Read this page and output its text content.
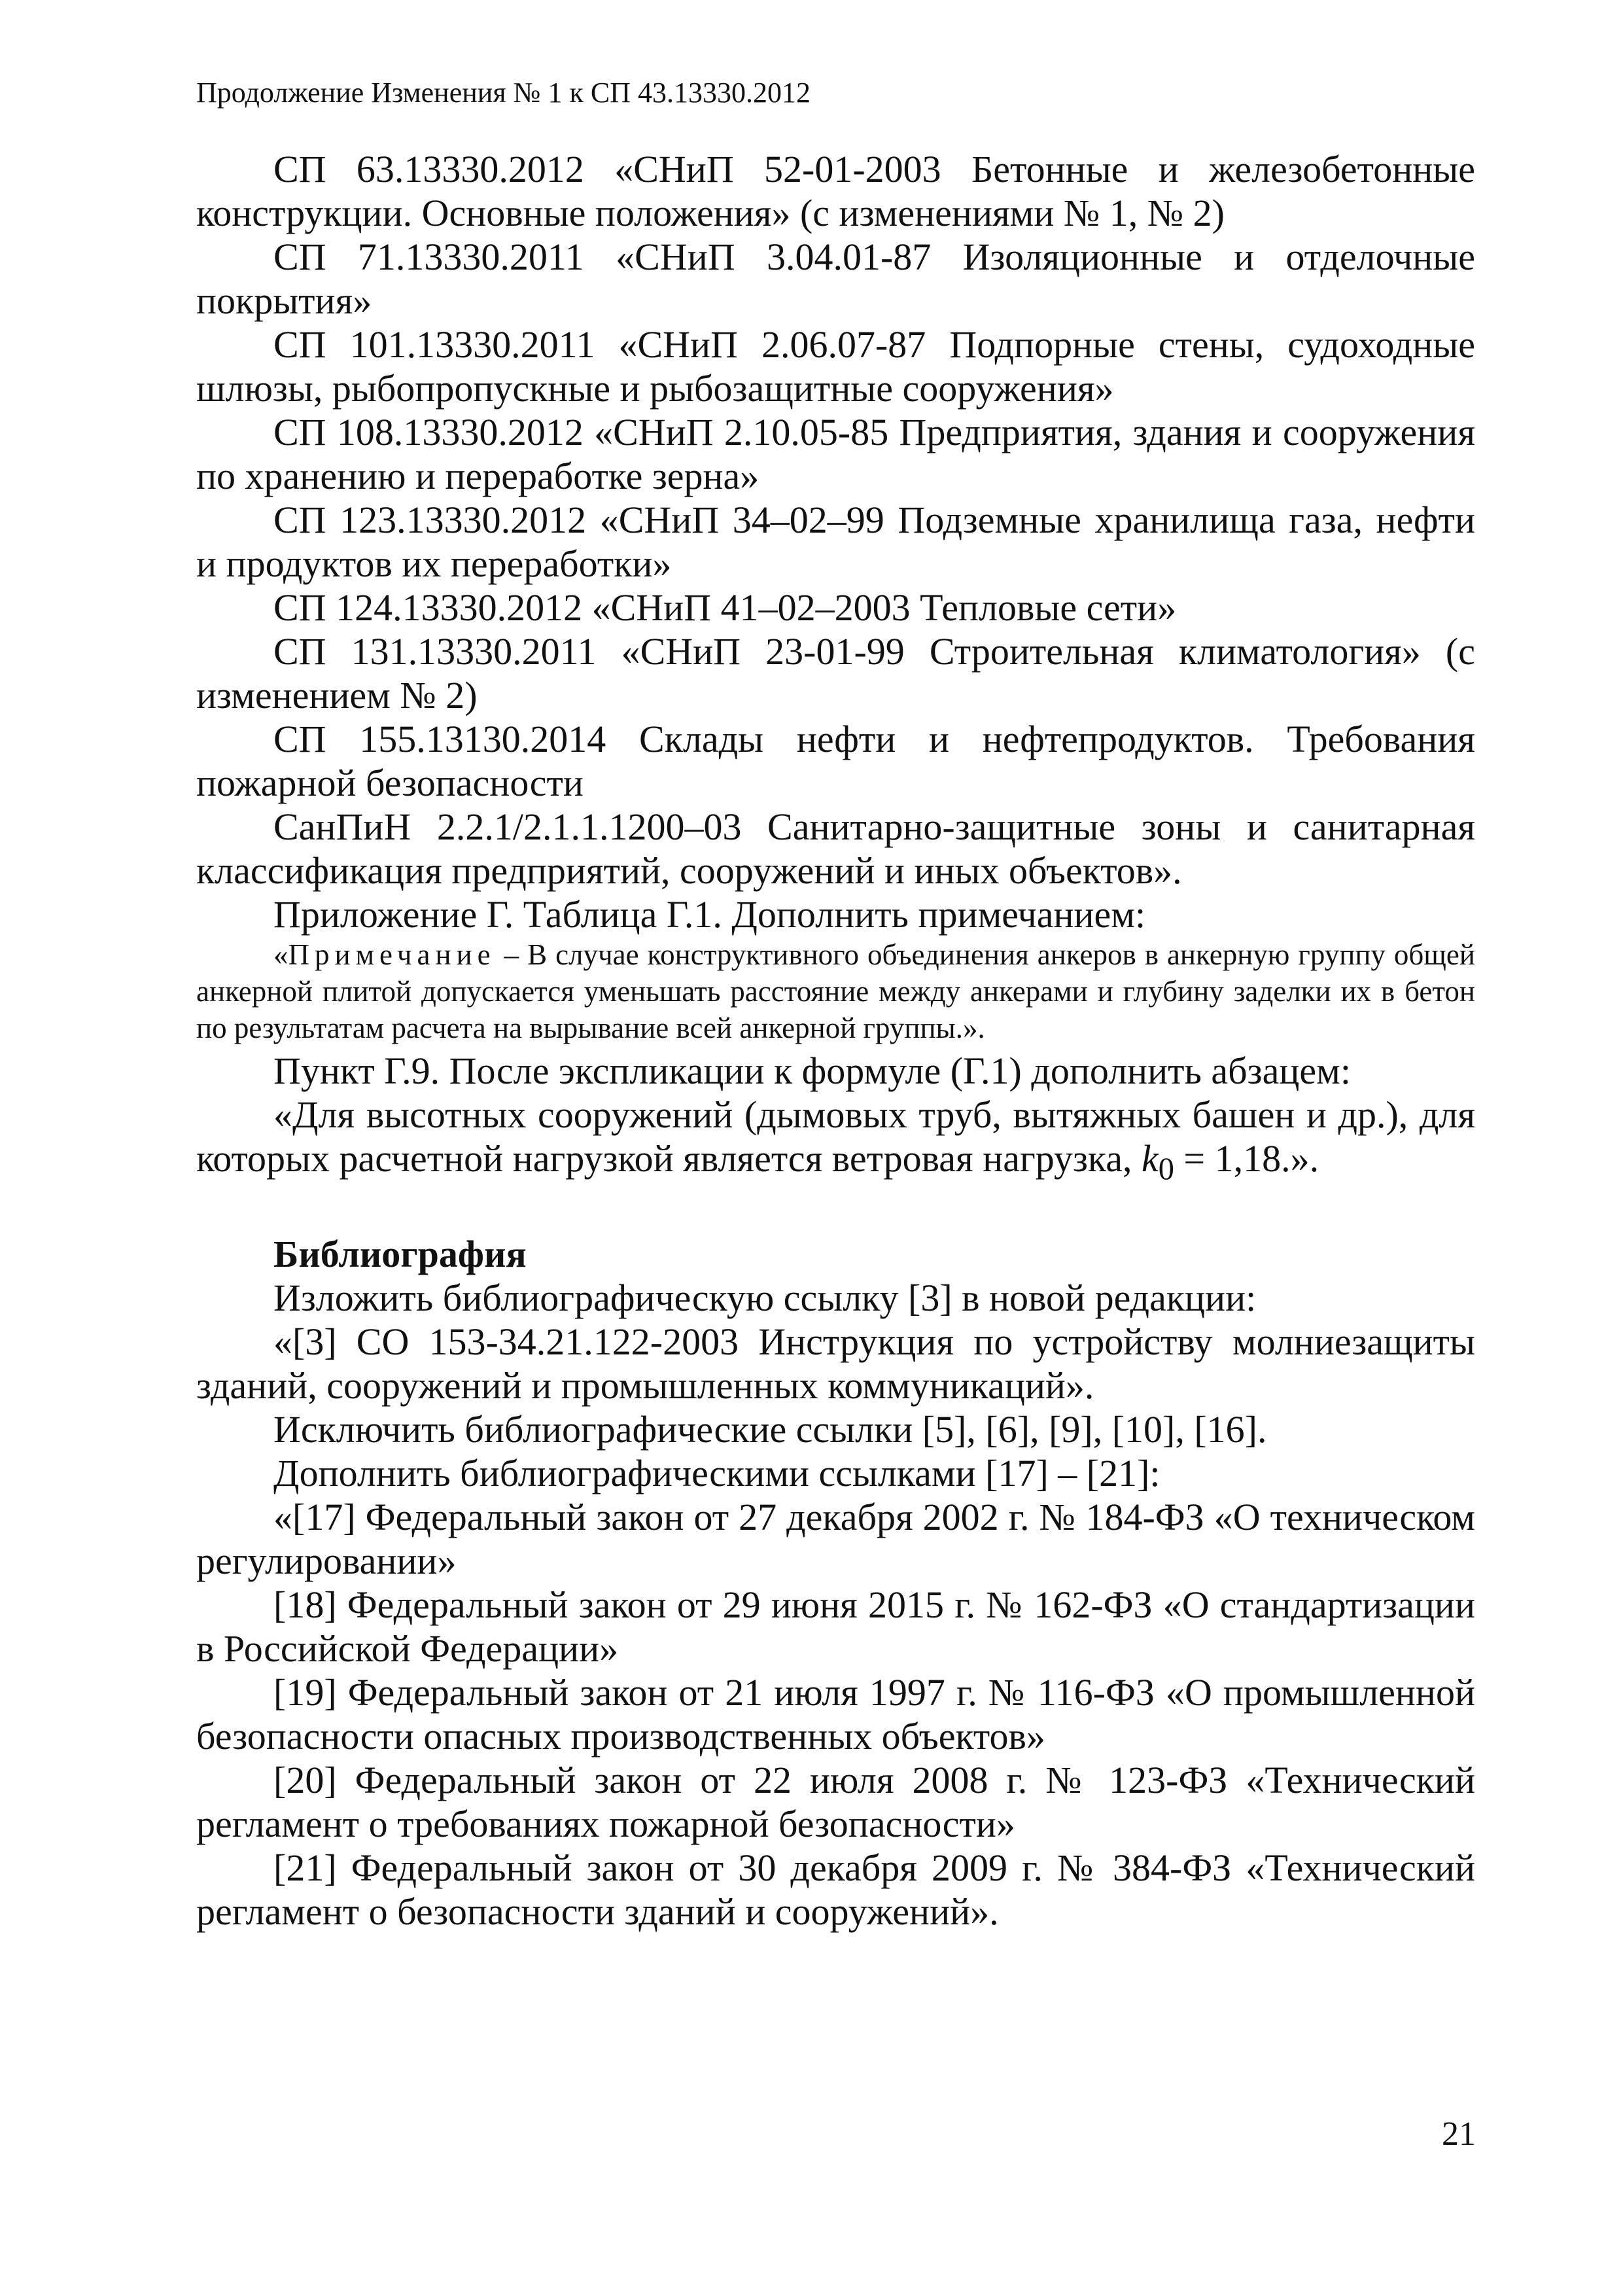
Продолжение Изменения № 1 к СП 43.13330.2012

СП 63.13330.2012 «СНиП 52-01-2003 Бетонные и железобетонные конструкции. Основные положения» (с изменениями № 1, № 2)

СП 71.13330.2011 «СНиП 3.04.01-87 Изоляционные и отделочные покрытия»

СП 101.13330.2011 «СНиП 2.06.07-87 Подпорные стены, судоходные шлюзы, рыбопропускные и рыбозащитные сооружения»

СП 108.13330.2012 «СНиП 2.10.05-85 Предприятия, здания и сооружения по хранению и переработке зерна»

СП 123.13330.2012 «СНиП 34–02–99 Подземные хранилища газа, нефти и продуктов их переработки»

СП 124.13330.2012 «СНиП 41–02–2003 Тепловые сети»

СП 131.13330.2011 «СНиП 23-01-99 Строительная климатология» (с изменением № 2)

СП 155.13130.2014 Склады нефти и нефтепродуктов. Требования пожарной безопасности

СанПиН 2.2.1/2.1.1.1200–03 Санитарно-защитные зоны и санитарная классификация предприятий, сооружений и иных объектов».

Приложение Г. Таблица Г.1. Дополнить примечанием:

«Примечание – В случае конструктивного объединения анкеров в анкерную группу общей анкерной плитой допускается уменьшать расстояние между анкерами и глубину заделки их в бетон по результатам расчета на вырывание всей анкерной группы.».

Пункт Г.9. После экспликации к формуле (Г.1) дополнить абзацем:

«Для высотных сооружений (дымовых труб, вытяжных башен и др.), для которых расчетной нагрузкой является ветровая нагрузка, $k_0 = 1,18$.».

Библиография

Изложить библиографическую ссылку [3] в новой редакции:

«[3] СО 153-34.21.122-2003 Инструкция по устройству молниезащиты зданий, сооружений и промышленных коммуникаций».

Исключить библиографические ссылки [5], [6], [9], [10], [16].

Дополнить библиографическими ссылками [17] – [21]:

«[17] Федеральный закон от 27 декабря 2002 г. № 184-ФЗ «О техническом регулировании»

[18] Федеральный закон от 29 июня 2015 г. № 162-ФЗ «О стандартизации в Российской Федерации»

[19] Федеральный закон от 21 июля 1997 г. № 116-ФЗ «О промышленной безопасности опасных производственных объектов»

[20] Федеральный закон от 22 июля 2008 г. № 123-ФЗ «Технический регламент о требованиях пожарной безопасности»

[21] Федеральный закон от 30 декабря 2009 г. № 384-ФЗ «Технический регламент о безопасности зданий и сооружений».

21
